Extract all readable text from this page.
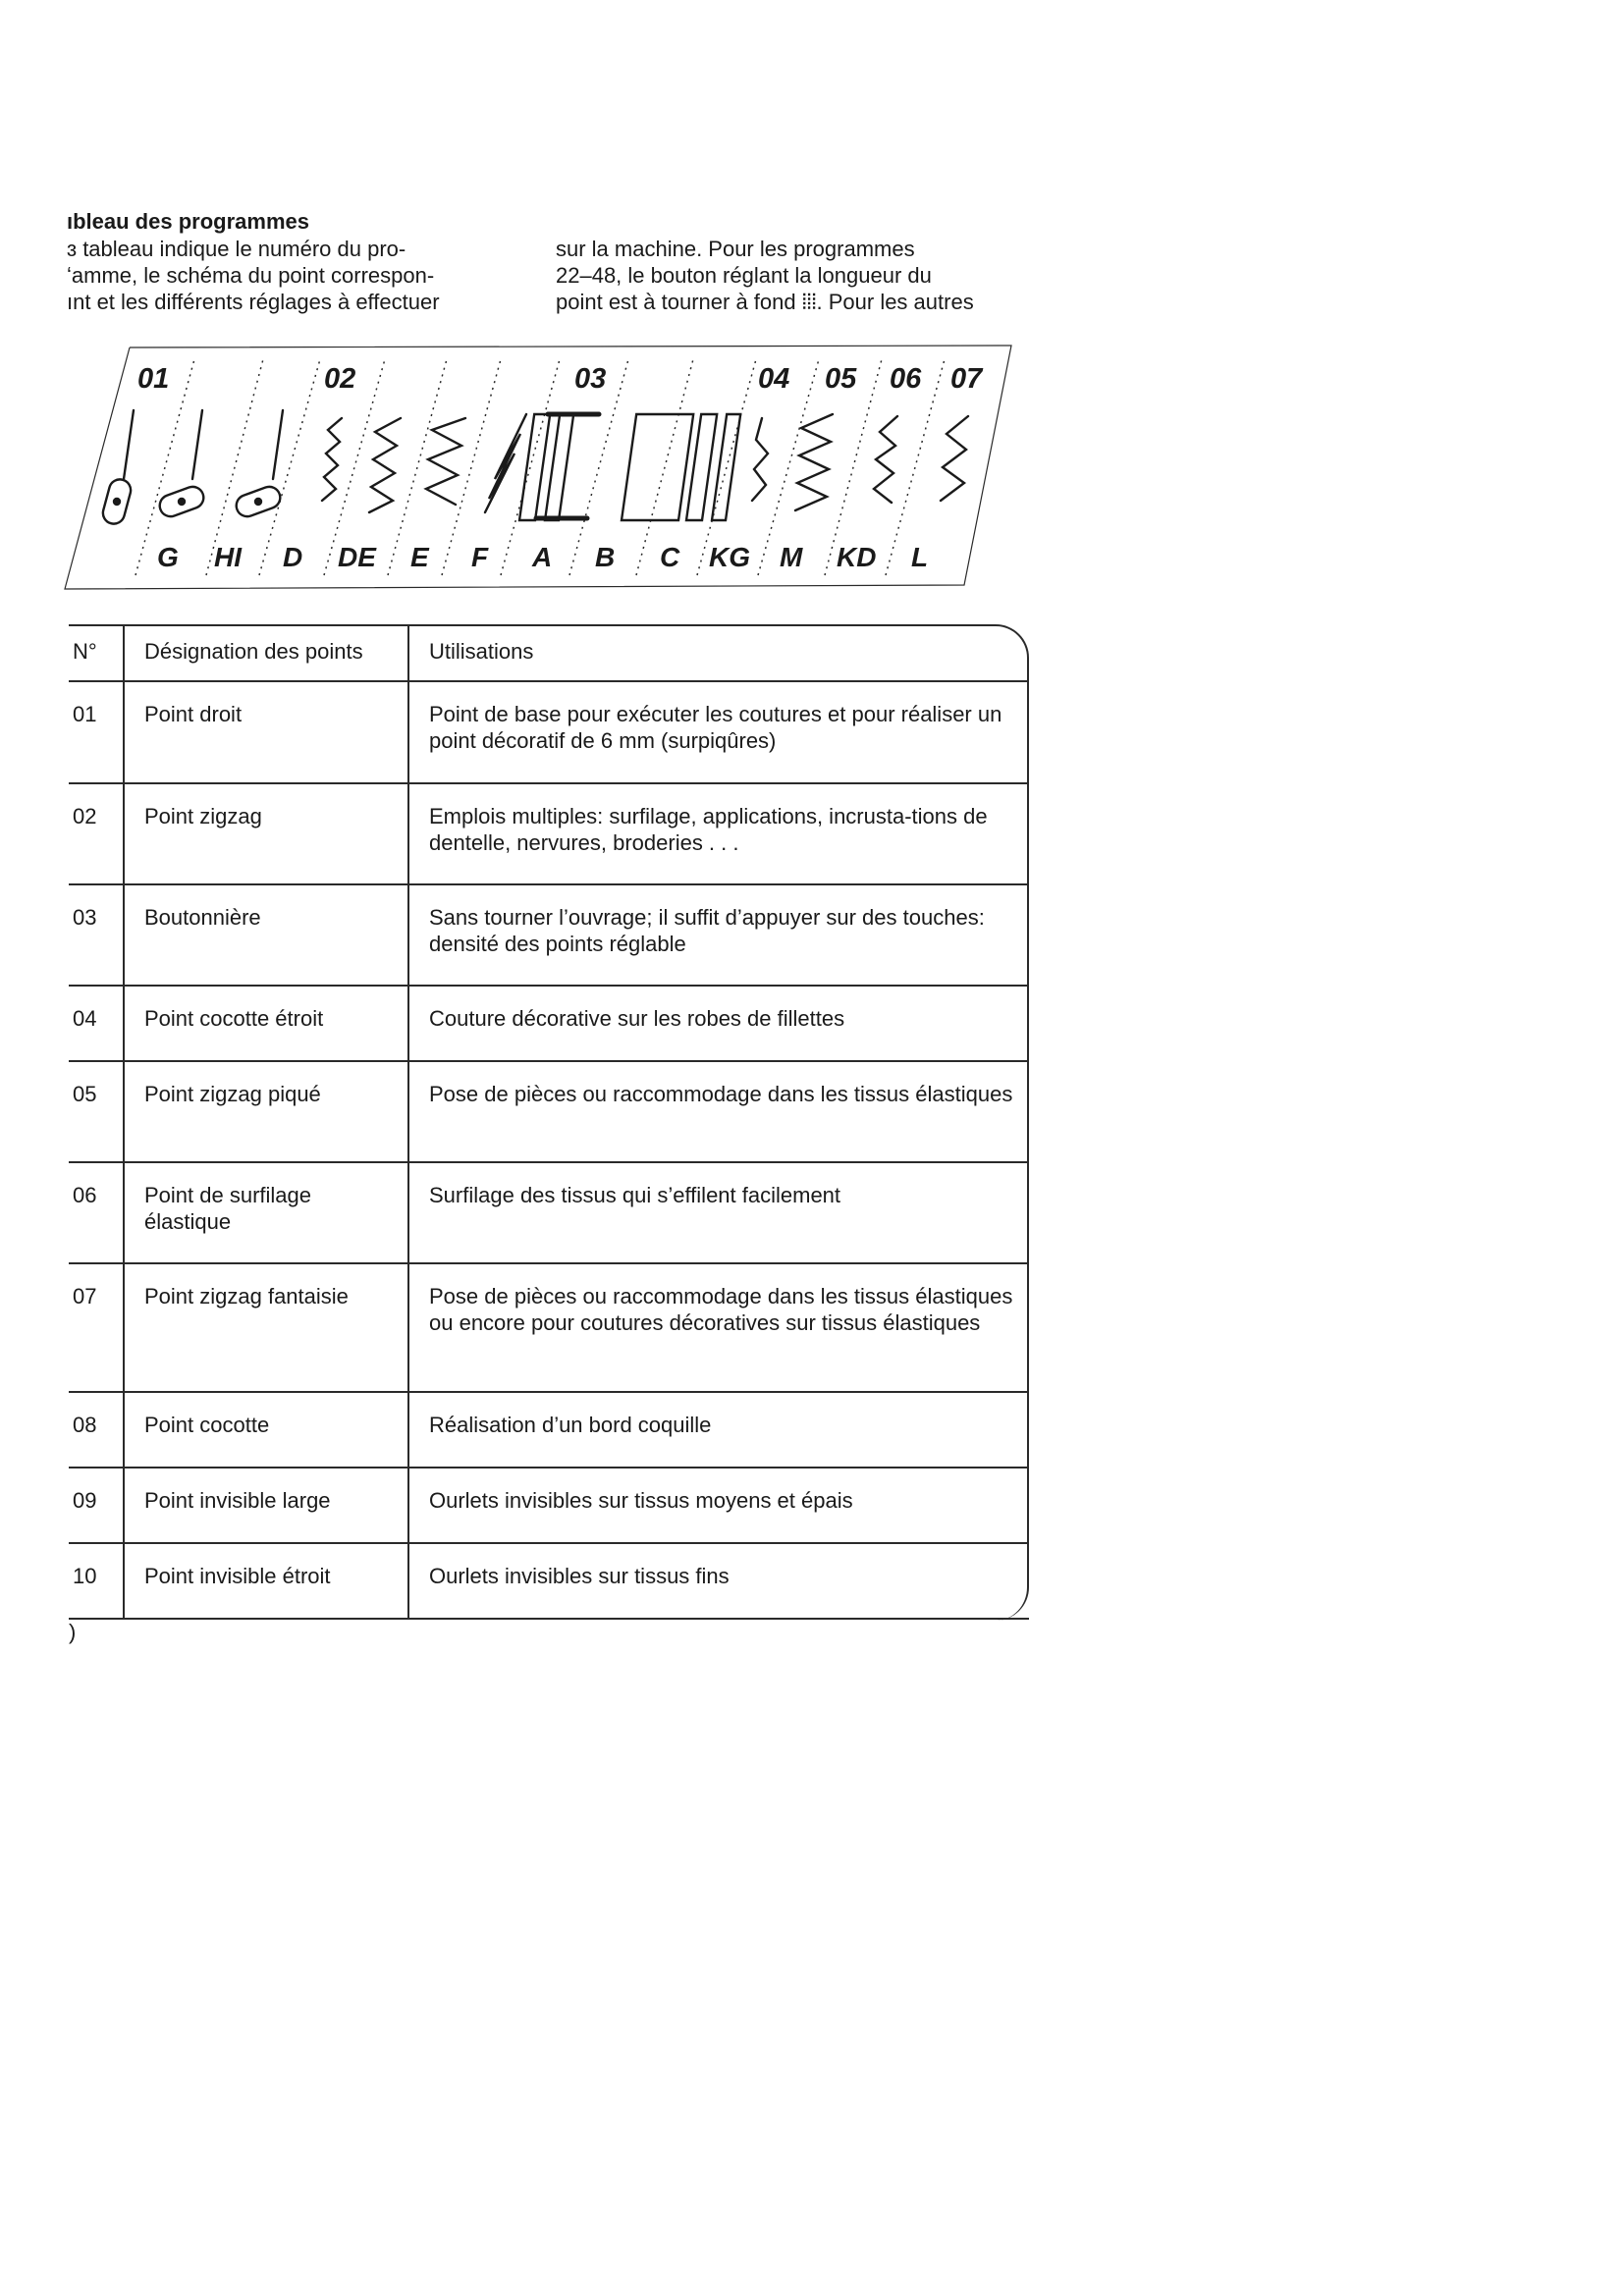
ıbleau des programmes
ɜ tableau indique le numéro du pro-
ʻamme, le schéma du point correspon-
ınt et les différents réglages à effectuer
sur la machine. Pour les programmes
22–48, le bouton réglant la longueur du
point est à tourner à fond ⦙⦙⦙. Pour les autres
01	02	03	04 05 06 07
G HI D DE E F A B C KG M KD L
N°	Désignation des points	Utilisations
01	Point droit	Point de base pour exécuter les coutures et pour réaliser un point décoratif de 6 mm (surpiqûres)
02	Point zigzag	Emplois multiples: surfilage, applications, incrusta-tions de dentelle, nervures, broderies . . .
03	Boutonnière	Sans tourner l’ouvrage; il suffit d’appuyer sur des touches: densité des points réglable
04	Point cocotte étroit	Couture décorative sur les robes de fillettes
05	Point zigzag piqué	Pose de pièces ou raccommodage dans les tissus élastiques
06	Point de surfilage élastique	Surfilage des tissus qui s’effilent facilement
07	Point zigzag fantaisie	Pose de pièces ou raccommodage dans les tissus élastiques ou encore pour coutures décoratives sur tissus élastiques
08	Point cocotte	Réalisation d’un bord coquille
09	Point invisible large	Ourlets invisibles sur tissus moyens et épais
10	Point invisible étroit	Ourlets invisibles sur tissus fins
)
